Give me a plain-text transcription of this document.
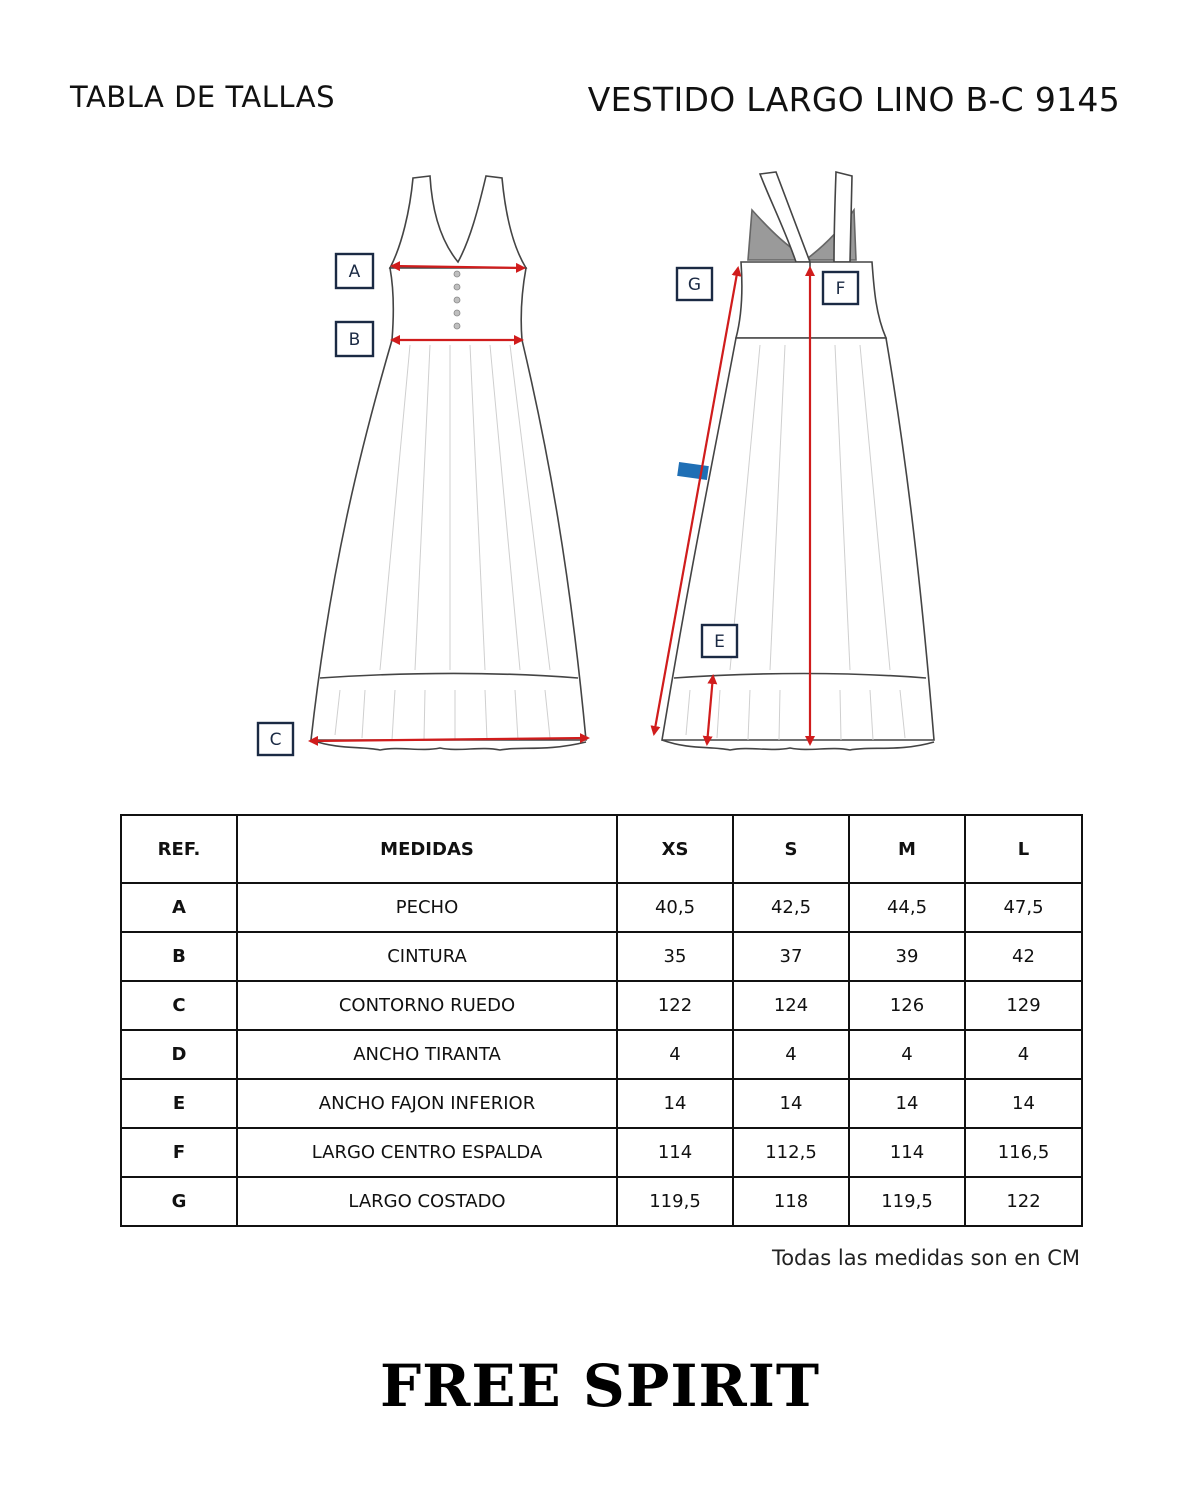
TABLA DE TALLAS	VESTIDO LARGO LINO B-C 9145
A
B
C
G	F
E
REF.	MEDIDAS	XS	S	M	L
A	PECHO	40,5	42,5	44,5	47,5
B	CINTURA	35	37	39	42
C	CONTORNO RUEDO	122	124	126	129
D	ANCHO TIRANTA	4	4	4	4
E	ANCHO FAJON INFERIOR	14	14	14	14
F	LARGO CENTRO ESPALDA	114	112,5	114	116,5
G	LARGO COSTADO	119,5	118	119,5	122
Todas las medidas son en CM
FREE SPIRIT
